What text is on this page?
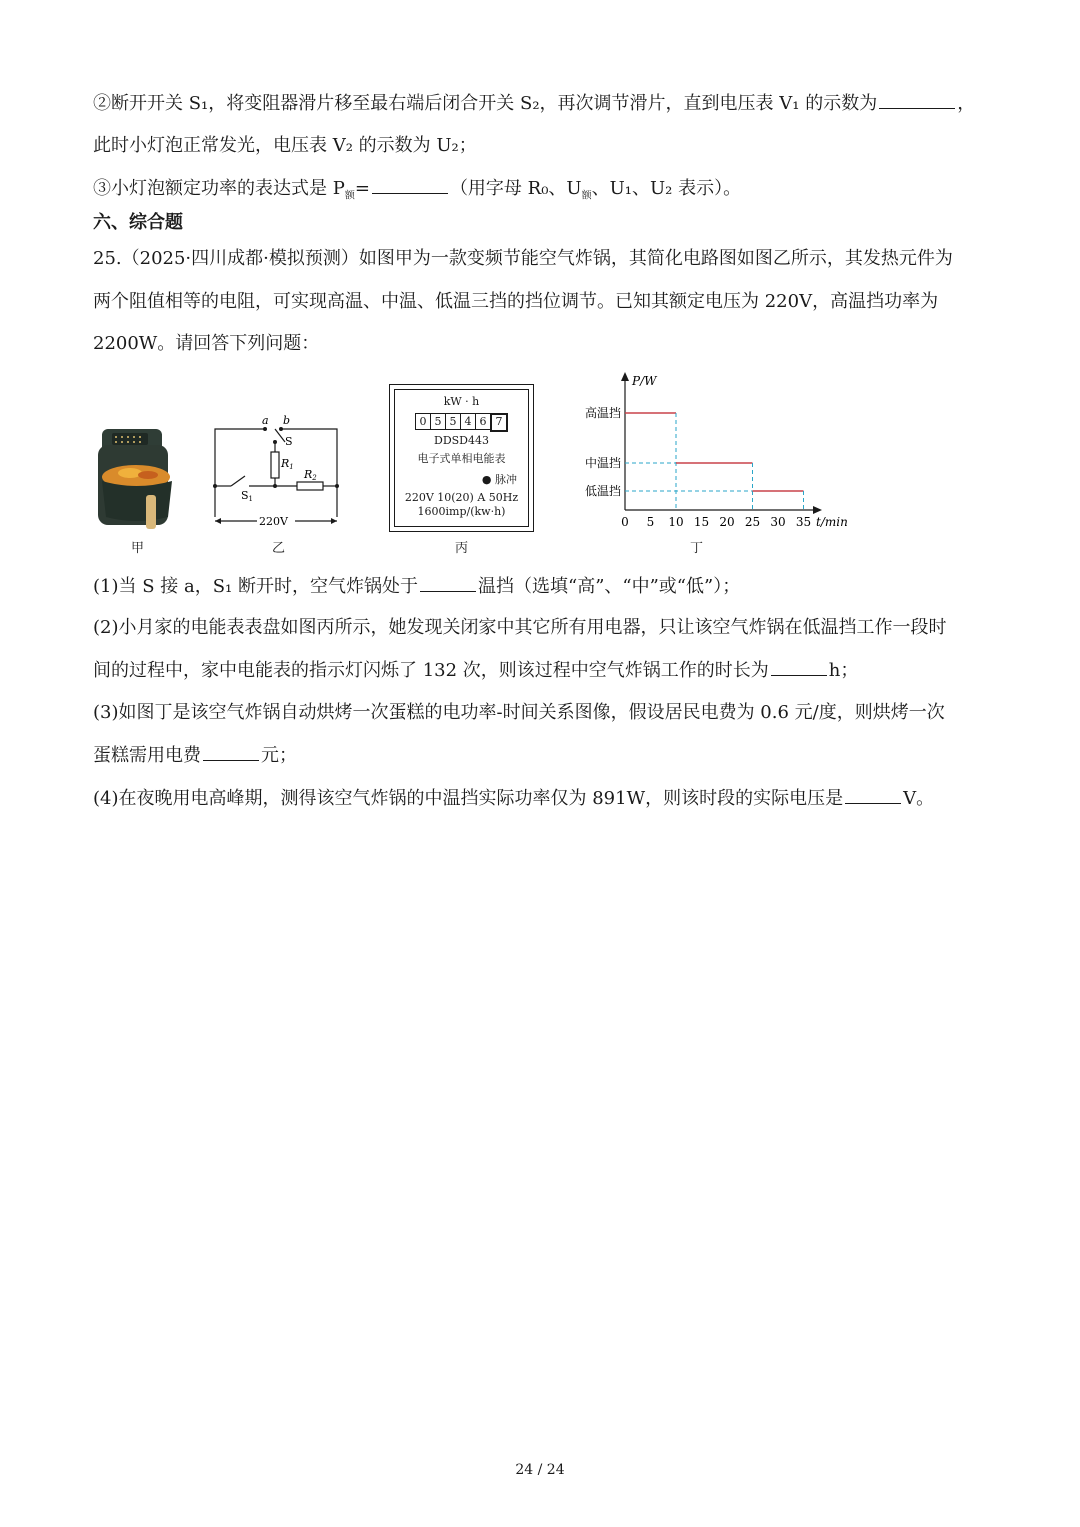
②断开开关 S₁，将变阻器滑片移至最右端后闭合开关 S₂，再次调节滑片，直到电压表 V₁ 的示数为	，
此时小灯泡正常发光，电压表 V₂ 的示数为 U₂；
③小灯泡额定功率的表达式是 $P_额=$	（用字母 R₀、$U_额$、U₁、U₂ 表示）。
六、综合题
25.（2025·四川成都·模拟预测）如图甲为一款变频节能空气炸锅，其简化电路图如图乙所示，其发热元件为
两个阻值相等的电阻，可实现高温、中温、低温三挡的挡位调节。已知其额定电压为 220V，高温挡功率为
2200W。请回答下列问题：
a b
S
R1
R2
S1
220V
kW · h
0 5 5 4 6 7
DDSD443
电子式单相电能表
● 脉冲
220V 10(20) A 50Hz
1600imp/(kw·h)
P/W
t/min
0 5 10 15 20 25 30 35
高温挡
中温挡
低温挡
甲	乙	丙	丁
(1)当 S 接 a，S₁ 断开时，空气炸锅处于	温挡（选填“高”、“中”或“低”）；
(2)小月家的电能表表盘如图丙所示，她发现关闭家中其它所有用电器，只让该空气炸锅在低温挡工作一段时
间的过程中，家中电能表的指示灯闪烁了 132 次，则该过程中空气炸锅工作的时长为	h；
(3)如图丁是该空气炸锅自动烘烤一次蛋糕的电功率-时间关系图像，假设居民电费为 0.6 元/度，则烘烤一次
蛋糕需用电费	元；
(4)在夜晚用电高峰期，测得该空气炸锅的中温挡实际功率仅为 891W，则该时段的实际电压是	V。
24 / 24
